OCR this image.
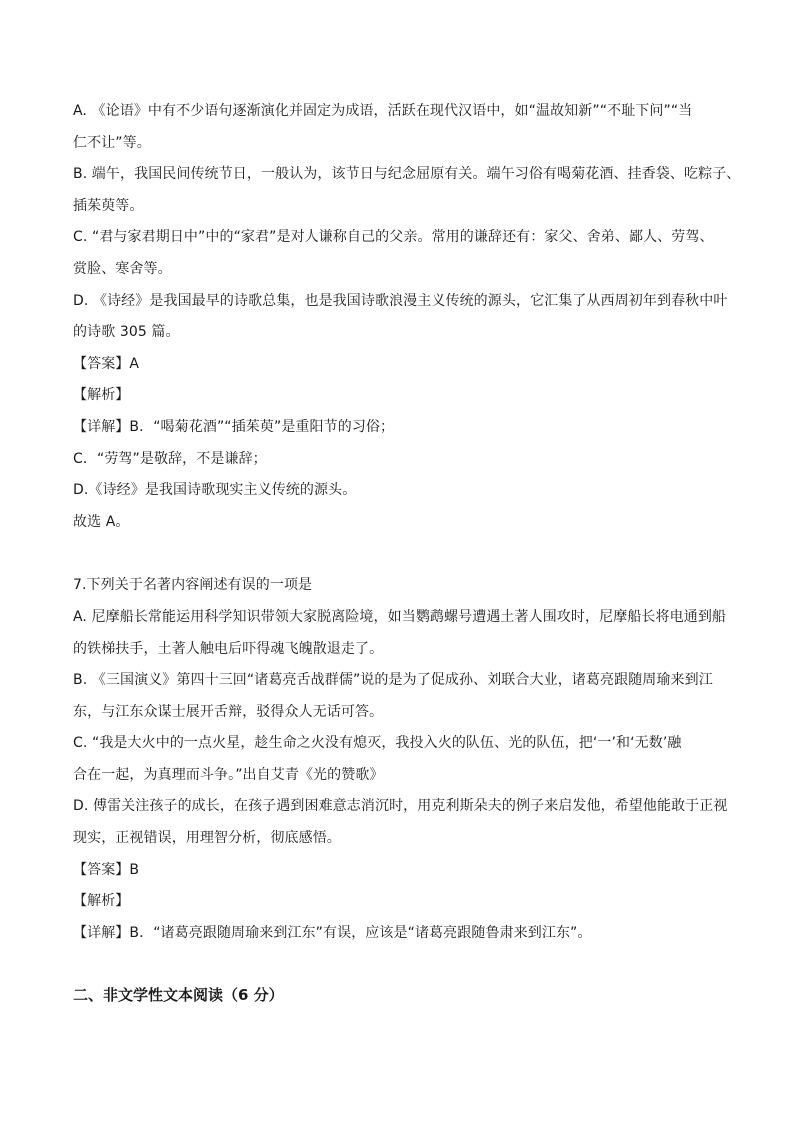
A. 《论语》中有不少语句逐渐演化并固定为成语，活跃在现代汉语中，如“温故知新”“不耻下问”“当
仁不让”等。
B. 端午，我国民间传统节日，一般认为，该节日与纪念屈原有关。端午习俗有喝菊花酒、挂香袋、吃粽子、
插茱萸等。
C. “君与家君期日中”中的“家君”是对人谦称自己的父亲。常用的谦辞还有：家父、舍弟、鄙人、劳驾、
赏脸、寒舍等。
D. 《诗经》是我国最早的诗歌总集，也是我国诗歌浪漫主义传统的源头，它汇集了从西周初年到春秋中叶
的诗歌 305 篇。
【答案】A
【解析】
【详解】B．“喝菊花酒”“插茱萸”是重阳节的习俗；
C．“劳驾”是敬辞，不是谦辞；
D.《诗经》是我国诗歌现实主义传统的源头。
故选 A。
7.下列关于名著内容阐述有误的一项是
A. 尼摩船长常能运用科学知识带领大家脱离险境，如当鹦鹉螺号遭遇土著人围攻时，尼摩船长将电通到船
的铁梯扶手，土著人触电后吓得魂飞魄散退走了。
B. 《三国演义》第四十三回“诸葛亮舌战群儒”说的是为了促成孙、刘联合大业，诸葛亮跟随周瑜来到江
东，与江东众谋士展开舌辩，驳得众人无话可答。
C. “我是大火中的一点火星，趁生命之火没有熄灭，我投入火的队伍、光的队伍，把‘一’和‘无数’融
合在一起，为真理而斗争。”出自艾青《光的赞歌》
D. 傅雷关注孩子的成长，在孩子遇到困难意志消沉时，用克利斯朵夫的例子来启发他，希望他能敢于正视
现实，正视错误，用理智分析，彻底感悟。
【答案】B
【解析】
【详解】B．“诸葛亮跟随周瑜来到江东”有误，应该是“诸葛亮跟随鲁肃来到江东”。
二、非文学性文本阅读（6 分）
